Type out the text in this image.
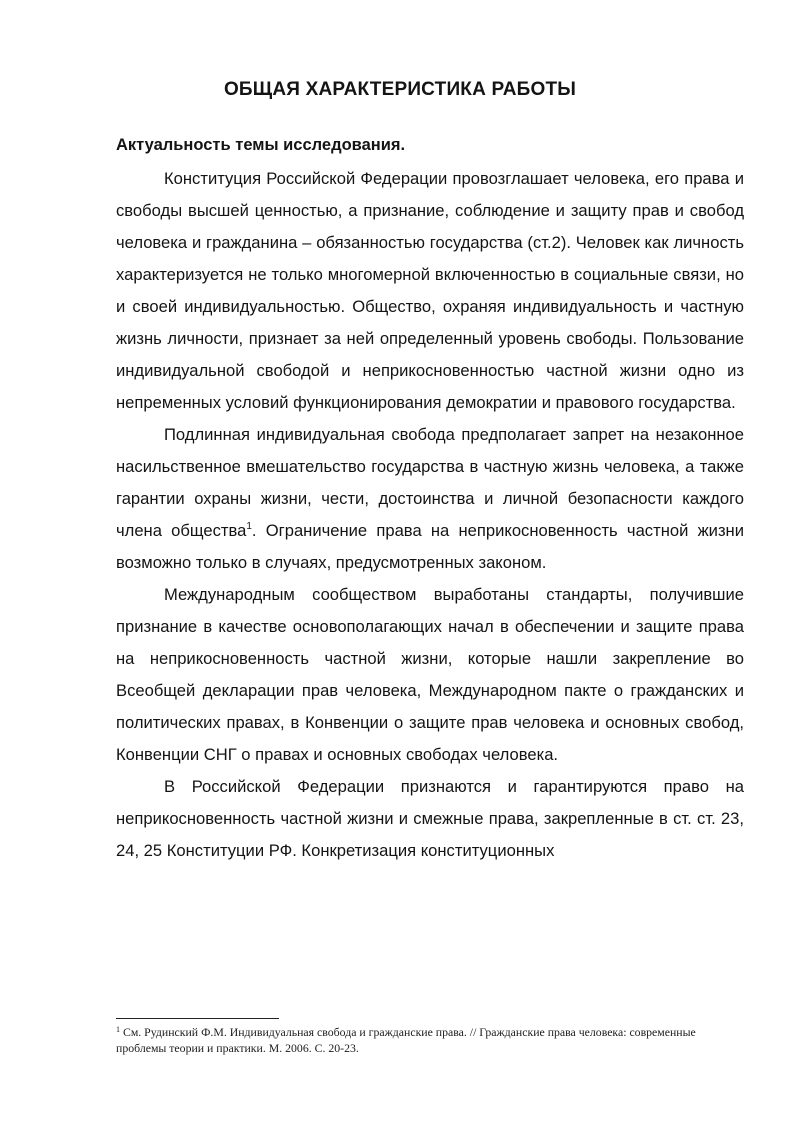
ОБЩАЯ ХАРАКТЕРИСТИКА РАБОТЫ
Актуальность темы исследования.

Конституция Российской Федерации провозглашает человека, его права и свободы высшей ценностью, а признание, соблюдение и защиту прав и свобод человека и гражданина – обязанностью государства (ст.2). Человек как личность характеризуется не только многомерной включенностью в социальные связи, но и своей индивидуальностью. Общество, охраняя индивидуальность и частную жизнь личности, признает за ней определенный уровень свободы. Пользование индивидуальной свободой и неприкосновенностью частной жизни одно из непременных условий функционирования демократии и правового государства.

Подлинная индивидуальная свобода предполагает запрет на незаконное насильственное вмешательство государства в частную жизнь человека, а также гарантии охраны жизни, чести, достоинства и личной безопасности каждого члена общества$^1$. Ограничение права на неприкосновенность частной жизни возможно только в случаях, предусмотренных законом.

Международным сообществом выработаны стандарты, получившие признание в качестве основополагающих начал в обеспечении и защите права на неприкосновенность частной жизни, которые нашли закрепление во Всеобщей декларации прав человека, Международном пакте о гражданских и политических правах, в Конвенции о защите прав человека и основных свобод, Конвенции СНГ о правах и основных свободах человека.

В Российской Федерации признаются и гарантируются право на неприкосновенность частной жизни и смежные права, закрепленные в ст. ст. 23, 24, 25 Конституции РФ. Конкретизация конституционных

$^1$ См. Рудинский Ф.М. Индивидуальная свобода и гражданские права. // Гражданские права человека: современные проблемы теории и практики. М. 2006. С. 20-23.
